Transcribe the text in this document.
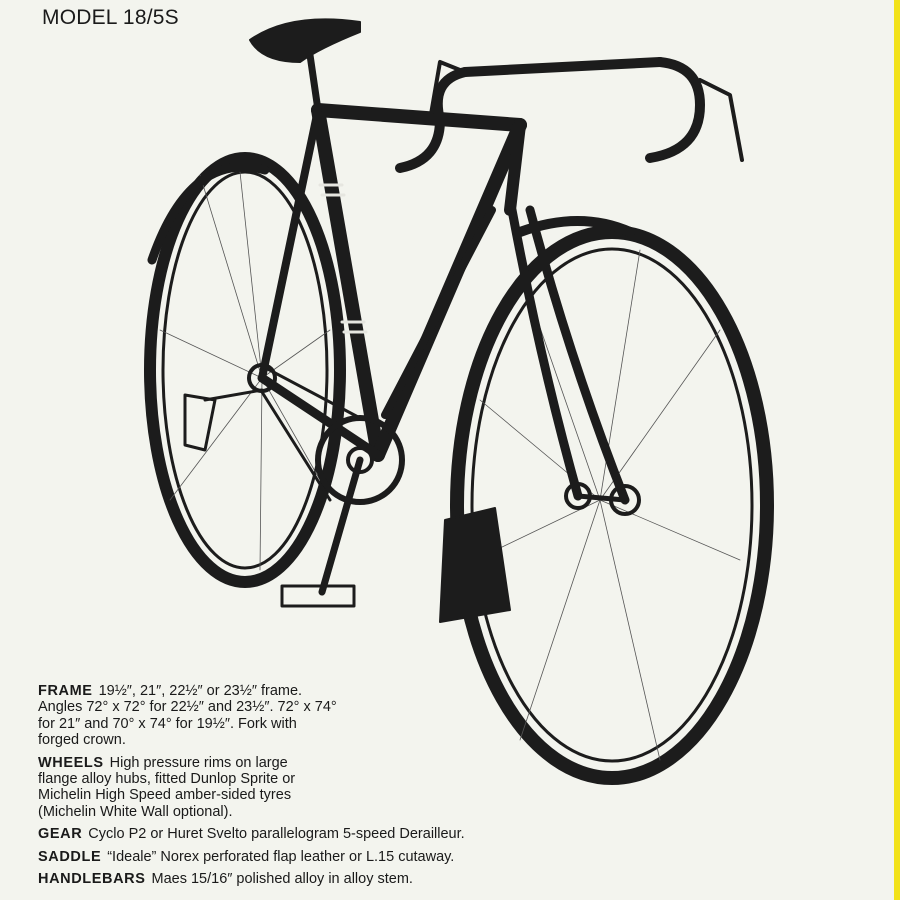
MODEL 18/5S

FRAME 19½″, 21″, 22½″ or 23½″ frame.
Angles 72° x 72° for 22½″ and 23½″. 72° x 74°
for 21″ and 70° x 74° for 19½″. Fork with
forged crown.

WHEELS High pressure rims on large
flange alloy hubs, fitted Dunlop Sprite or
Michelin High Speed amber-sided tyres
(Michelin White Wall optional).

GEAR Cyclo P2 or Huret Svelto parallelogram 5-speed Derailleur.

SADDLE “Ideale” Norex perforated flap leather or L.15 cutaway.

HANDLEBARS Maes 15/16″ polished alloy in alloy stem.
